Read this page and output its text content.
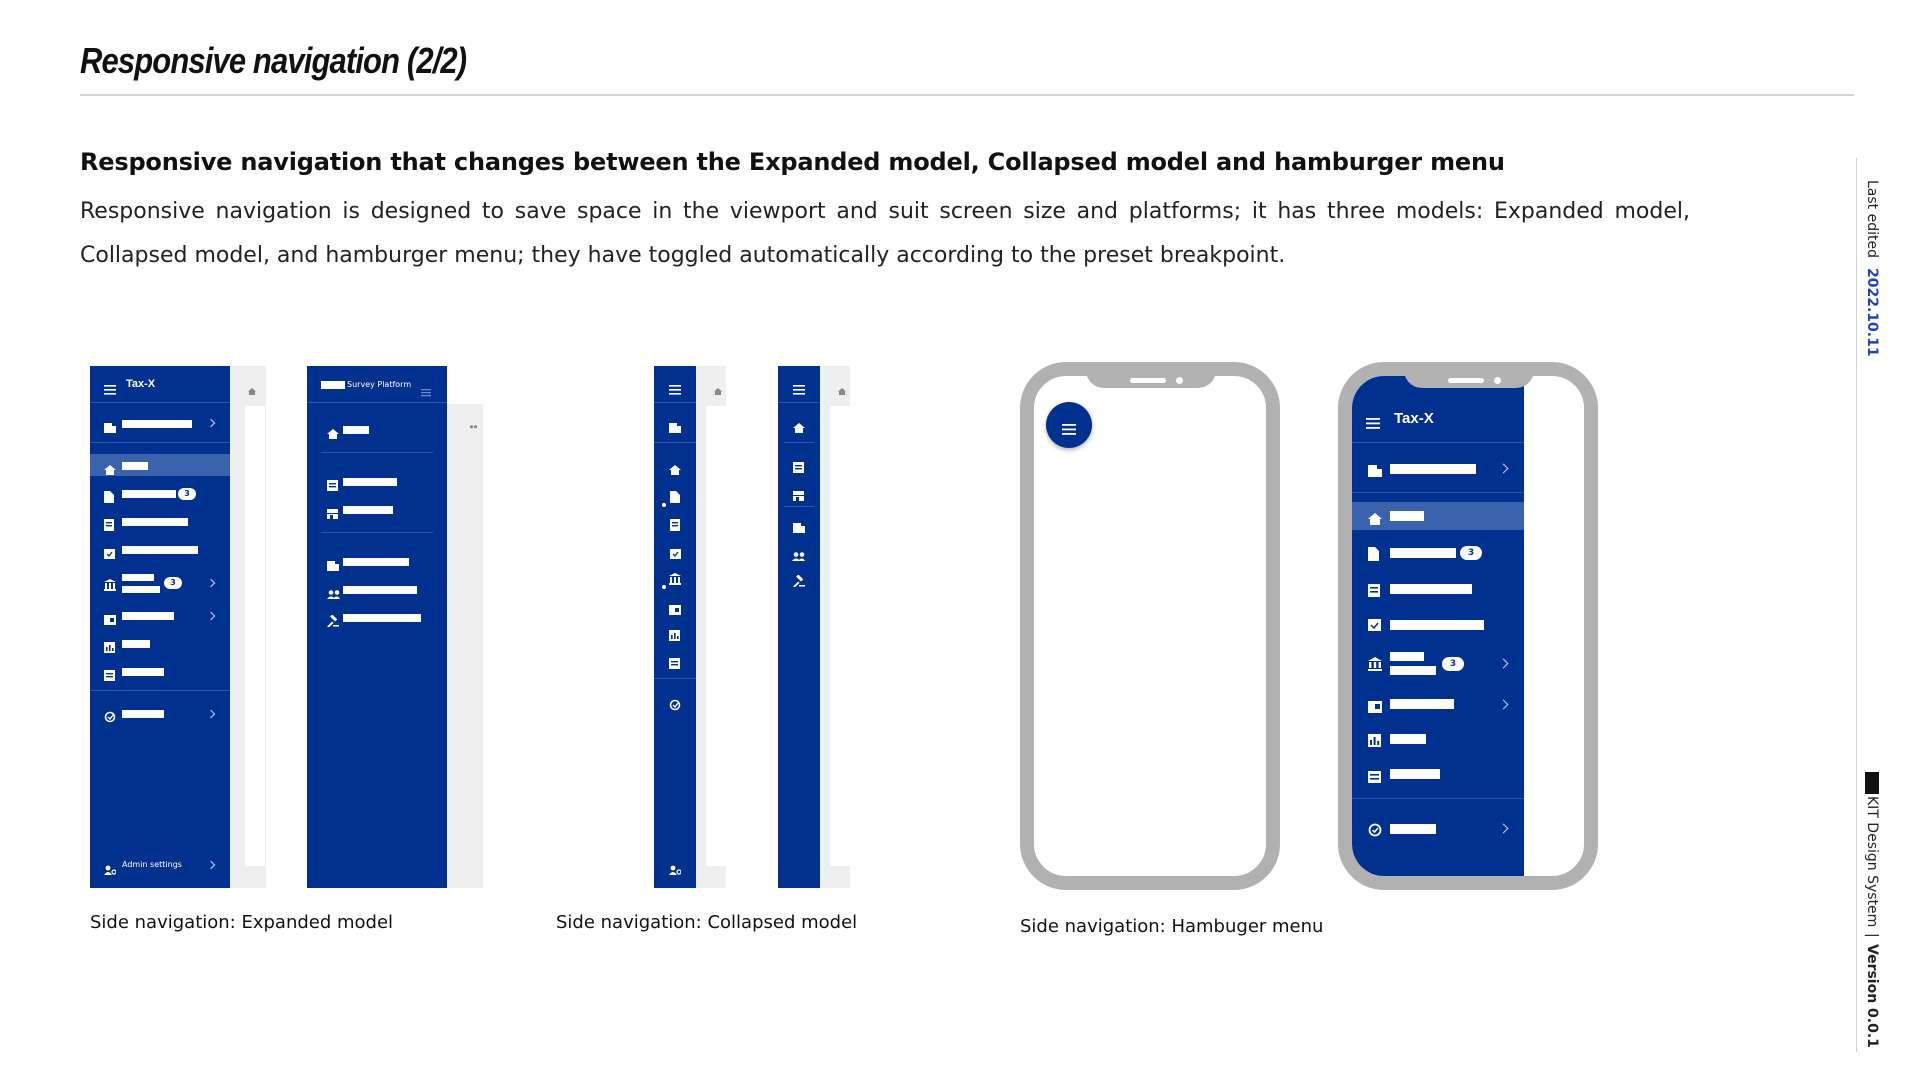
Responsive navigation (2/2)
Responsive navigation that changes between the Expanded model, Collapsed model and hamburger menu
Responsive navigation is designed to save space in the viewport and suit screen size and platforms; it has three models: Expanded model, Collapsed model, and hamburger menu; they have toggled automatically according to the preset breakpoint.	Last edited 2022.10.11
KIT Design System
|
Version 0.0.1
Tax-X
3
3
Admin settings
Survey Platform
Tax-X
3
3
Side navigation: Expanded model	Side navigation: Collapsed model	Side navigation: Hambuger menu
